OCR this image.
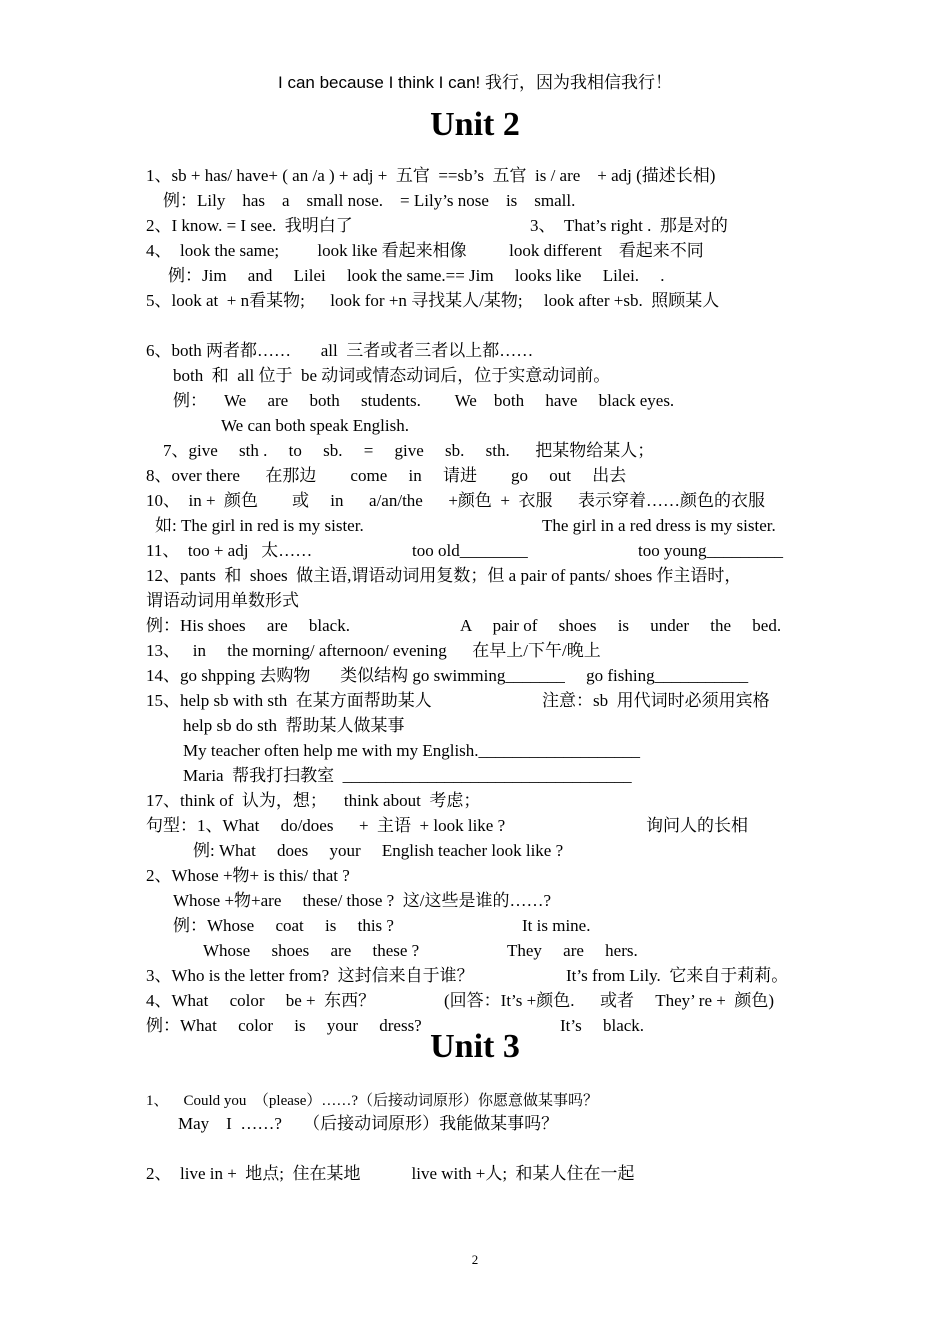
I can because I think I can! 我行，因为我相信我行！
Unit 2
1、sb + has/ have+ ( an /a ) + adj +  五官  ==sb’s  五官  is / are    + adj (描述长相)
例：Lily    has    a    small nose.    = Lily’s nose    is    small.
2、I know. = I see.  我明白了	3、  That’s right .  那是对的
4、  look the same;         look like 看起来相像          look different    看起来不同
例：Jim     and     Lilei     look the same.== Jim     looks like     Lilei.     .
5、look at  + n看某物;      look for +n 寻找某人/某物;     look after +sb.  照顾某人
6、both 两者都……       all  三者或者三者以上都……
both  和  all 位于  be 动词或情态动词后，位于实意动词前。
例：    We     are     both     students.        We    both     have     black eyes.
We can both speak English.
7、give     sth .     to     sb.     =     give     sb.     sth.      把某物给某人；
8、over there      在那边        come     in     请进        go     out     出去
10、  in +  颜色        或     in      a/an/the      +颜色  +  衣服      表示穿着……颜色的衣服
如: The girl in red is my sister.	The girl in a red dress is my sister.
11、  too + adj   太……	too old________	too young_________
12、pants  和  shoes  做主语,谓语动词用复数；但 a pair of pants/ shoes 作主语时，
谓语动词用单数形式
例：His shoes     are     black.	A     pair of     shoes     is     under     the     bed.
13、   in     the morning/ afternoon/ evening      在早上/下午/晚上
14、go shpping 去购物       类似结构 go swimming_______     go fishing___________
15、help sb with sth  在某方面帮助某人	注意：sb  用代词时必须用宾格
help sb do sth  帮助某人做某事
My teacher often help me with my English.___________________
Maria  帮我打扫教室  __________________________________
17、think of  认为，想；    think about  考虑；
句型：1、What     do/does      +  主语  + look like ?	询问人的长相
例: What     does     your     English teacher look like ?
2、Whose +物+ is this/ that ?
Whose +物+are     these/ those ?  这/这些是谁的……?
例：Whose     coat     is     this ?	It is mine.
Whose     shoes     are     these ?	They     are     hers.
3、Who is the letter from?  这封信来自于谁？	It’s from Lily.  它来自于莉莉。
4、What     color     be +  东西？	(回答：It’s +颜色.      或者     They’ re +  颜色)
例：What     color     is     your     dress?	It’s     black.
Unit 3
1、    Could you  （please）……?（后接动词原形）你愿意做某事吗？
May    I  ……?     （后接动词原形）我能做某事吗？
2、  live in +  地点;  住在某地            live with +人;  和某人住在一起
2
